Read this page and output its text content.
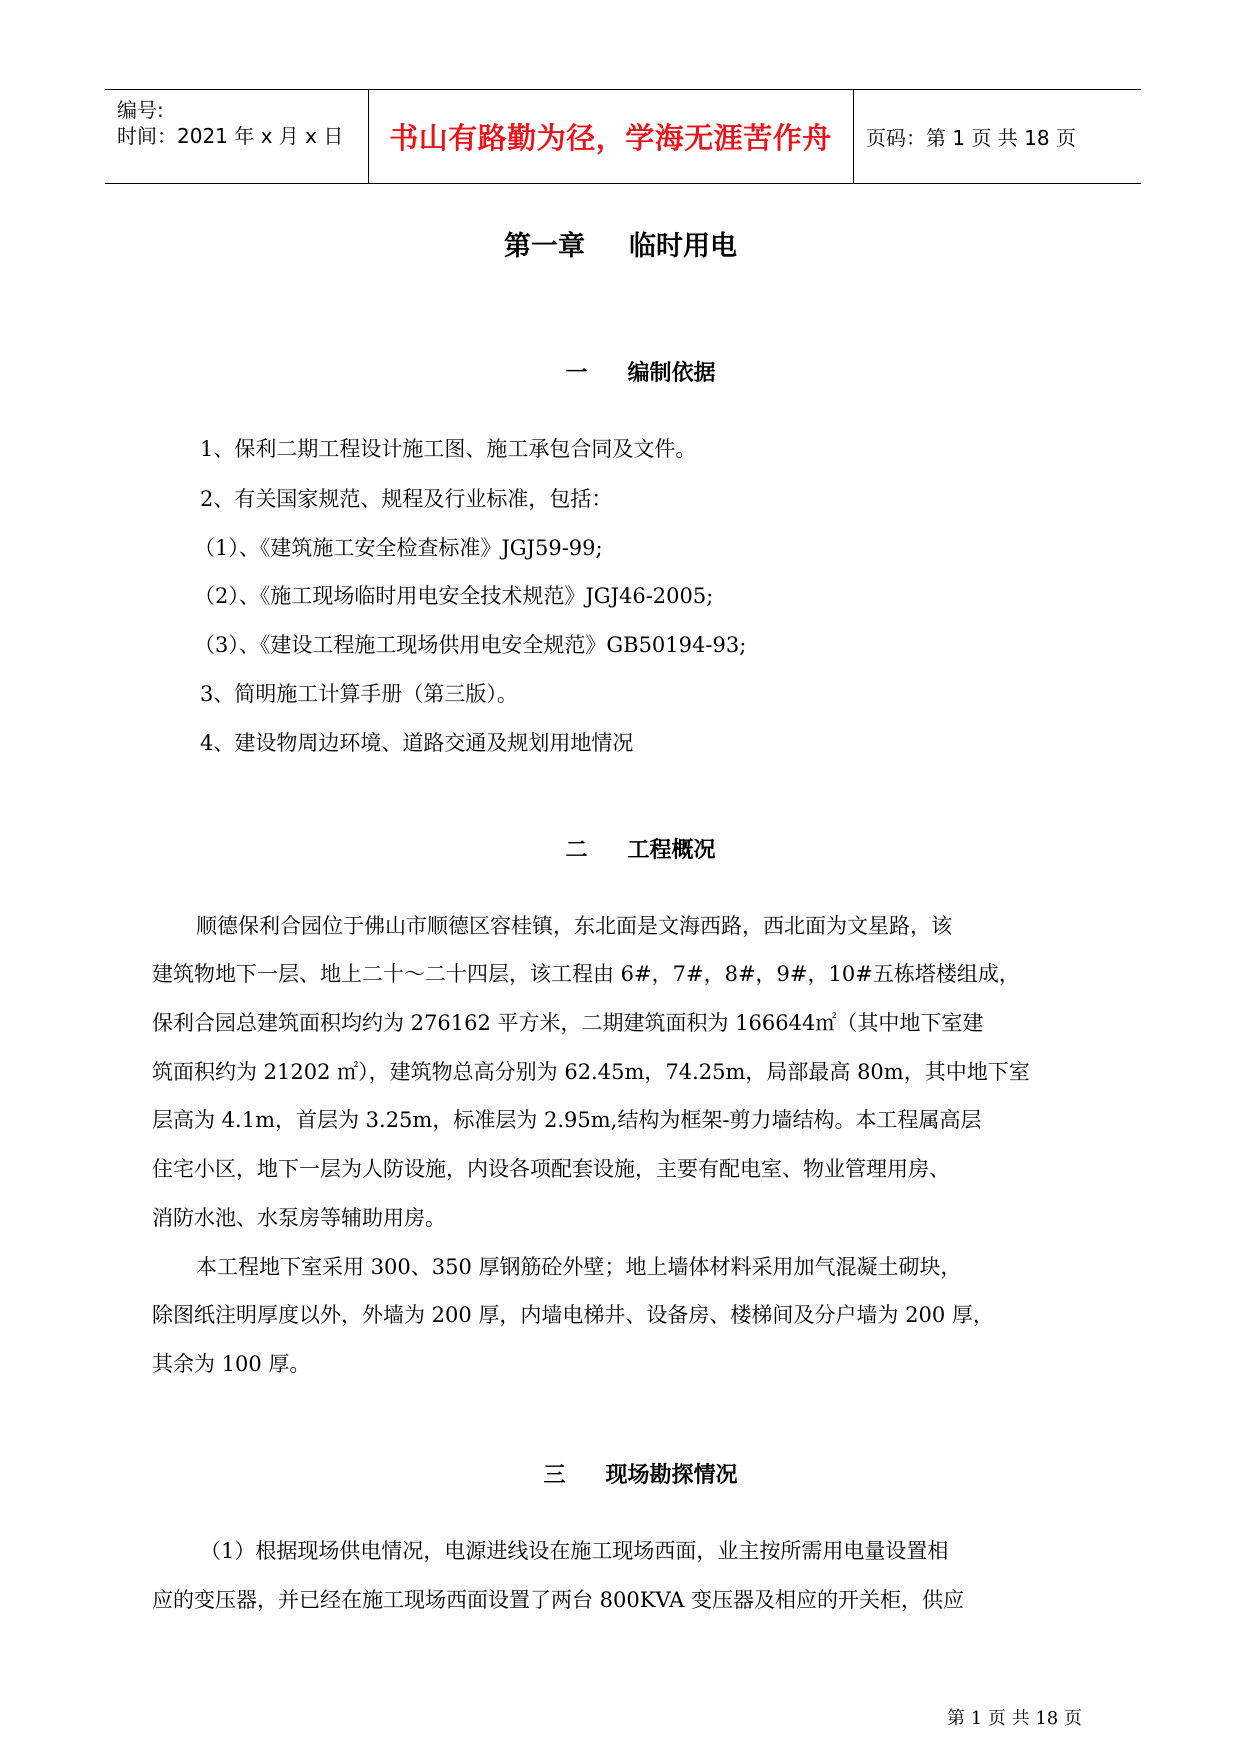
编号:
时间：2021 年 x 月 x 日	书山有路勤为径，学海无涯苦作舟	页码：第 1 页 共 18 页
第一章 临时用电
一 编制依据
1、保利二期工程设计施工图、施工承包合同及文件。
2、有关国家规范、规程及行业标准，包括：
（1）、《建筑施工安全检查标准》JGJ59-99;
（2）、《施工现场临时用电安全技术规范》JGJ46-2005;
（3）、《建设工程施工现场供用电安全规范》GB50194-93;
3、简明施工计算手册（第三版）。
4、建设物周边环境、道路交通及规划用地情况
二 工程概况
顺德保利合园位于佛山市顺德区容桂镇，东北面是文海西路，西北面为文星路，该
建筑物地下一层、地上二十～二十四层，该工程由 6#，7#，8#，9#，10#五栋塔楼组成，
保利合园总建筑面积均约为 276162 平方米，二期建筑面积为 166644㎡（其中地下室建
筑面积约为 21202 ㎡），建筑物总高分别为 62.45m，74.25m，局部最高 80m，其中地下室
层高为 4.1m，首层为 3.25m，标准层为 2.95m,结构为框架-剪力墙结构。本工程属高层
住宅小区，地下一层为人防设施，内设各项配套设施，主要有配电室、物业管理用房、
消防水池、水泵房等辅助用房。
本工程地下室采用 300、350 厚钢筋砼外壁；地上墙体材料采用加气混凝土砌块，
除图纸注明厚度以外，外墙为 200 厚，内墙电梯井、设备房、楼梯间及分户墙为 200 厚，
其余为 100 厚。
三 现场勘探情况
（1）根据现场供电情况，电源进线设在施工现场西面，业主按所需用电量设置相
应的变压器，并已经在施工现场西面设置了两台 800KVA 变压器及相应的开关柜，供应
第 1 页 共 18 页
